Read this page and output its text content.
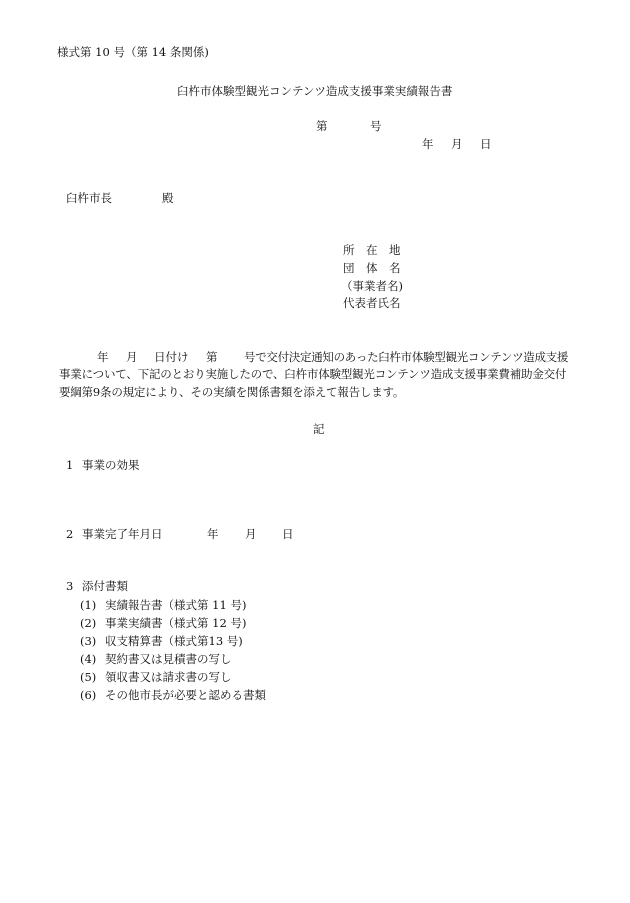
様式第 10 号（第 14 条関係)
臼杵市体験型観光コンテンツ造成支援事業実績報告書
第	号
年 月 日
臼杵市長	殿
所　在　地
団　体　名
（事業者名)
代表者氏名
年 月 日付け 第 号で交付決定通知のあった臼杵市体験型観光コンテンツ造成支援
事業について、下記のとおり実施したので、臼杵市体験型観光コンテンツ造成支援事業費補助金交付
要綱第9条の規定により、その実績を関係書類を添えて報告します。
記
1 事業の効果
2 事業完了年月日	年 月 日
3 添付書類
(1) 実績報告書（様式第 11 号)
(2) 事業実績書（様式第 12 号)
(3) 収支精算書（様式第13 号)
(4) 契約書又は見積書の写し
(5) 領収書又は請求書の写し
(6) その他市長が必要と認める書類
